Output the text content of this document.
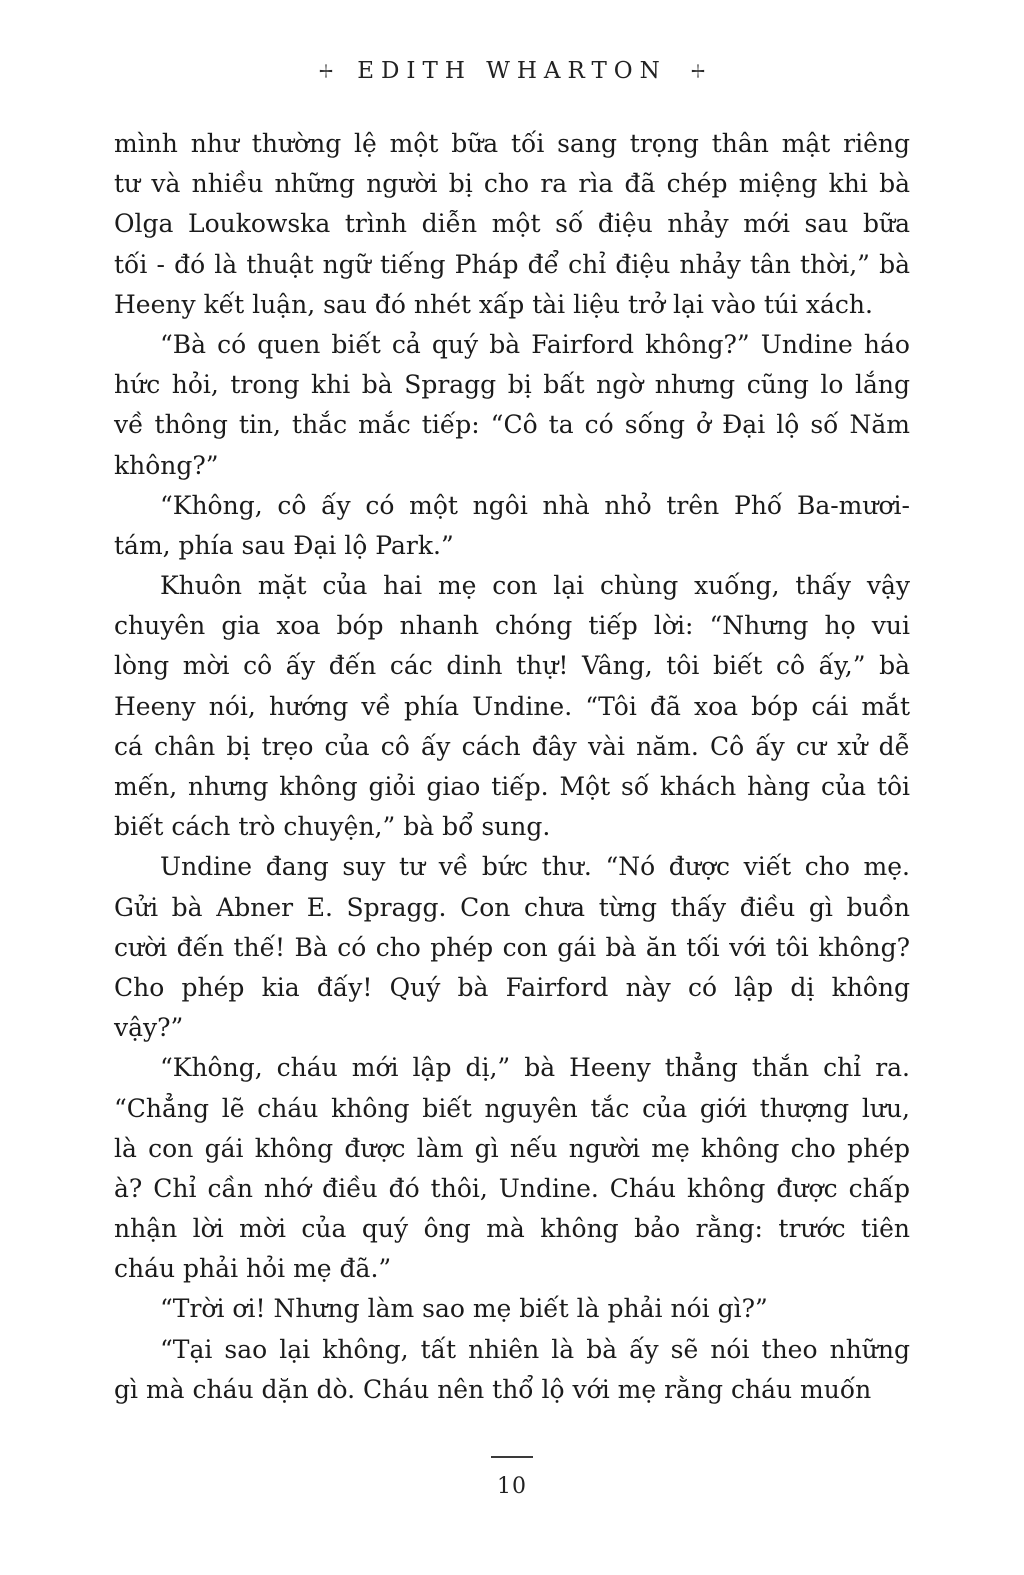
EDITH WHARTON
mình như thường lệ một bữa tối sang trọng thân mật riêng
tư và nhiều những người bị cho ra rìa đã chép miệng khi bà
Olga Loukowska trình diễn một số điệu nhảy mới sau bữa
tối - đó là thuật ngữ tiếng Pháp để chỉ điệu nhảy tân thời,” bà
Heeny kết luận, sau đó nhét xấp tài liệu trở lại vào túi xách.
“Bà có quen biết cả quý bà Fairford không?” Undine háo
hức hỏi, trong khi bà Spragg bị bất ngờ nhưng cũng lo lắng
về thông tin, thắc mắc tiếp: “Cô ta có sống ở Đại lộ số Năm
không?”
“Không, cô ấy có một ngôi nhà nhỏ trên Phố Ba-mươi-
tám, phía sau Đại lộ Park.”
Khuôn mặt của hai mẹ con lại chùng xuống, thấy vậy
chuyên gia xoa bóp nhanh chóng tiếp lời: “Nhưng họ vui
lòng mời cô ấy đến các dinh thự! Vâng, tôi biết cô ấy,” bà
Heeny nói, hướng về phía Undine. “Tôi đã xoa bóp cái mắt
cá chân bị trẹo của cô ấy cách đây vài năm. Cô ấy cư xử dễ
mến, nhưng không giỏi giao tiếp. Một số khách hàng của tôi
biết cách trò chuyện,” bà bổ sung.
Undine đang suy tư về bức thư. “Nó được viết cho mẹ.
Gửi bà Abner E. Spragg. Con chưa từng thấy điều gì buồn
cười đến thế! Bà có cho phép con gái bà ăn tối với tôi không?
Cho phép kia đấy! Quý bà Fairford này có lập dị không
vậy?”
“Không, cháu mới lập dị,” bà Heeny thẳng thắn chỉ ra.
“Chẳng lẽ cháu không biết nguyên tắc của giới thượng lưu,
là con gái không được làm gì nếu người mẹ không cho phép
à? Chỉ cần nhớ điều đó thôi, Undine. Cháu không được chấp
nhận lời mời của quý ông mà không bảo rằng: trước tiên
cháu phải hỏi mẹ đã.”
“Trời ơi! Nhưng làm sao mẹ biết là phải nói gì?”
“Tại sao lại không, tất nhiên là bà ấy sẽ nói theo những
gì mà cháu dặn dò. Cháu nên thổ lộ với mẹ rằng cháu muốn
10
